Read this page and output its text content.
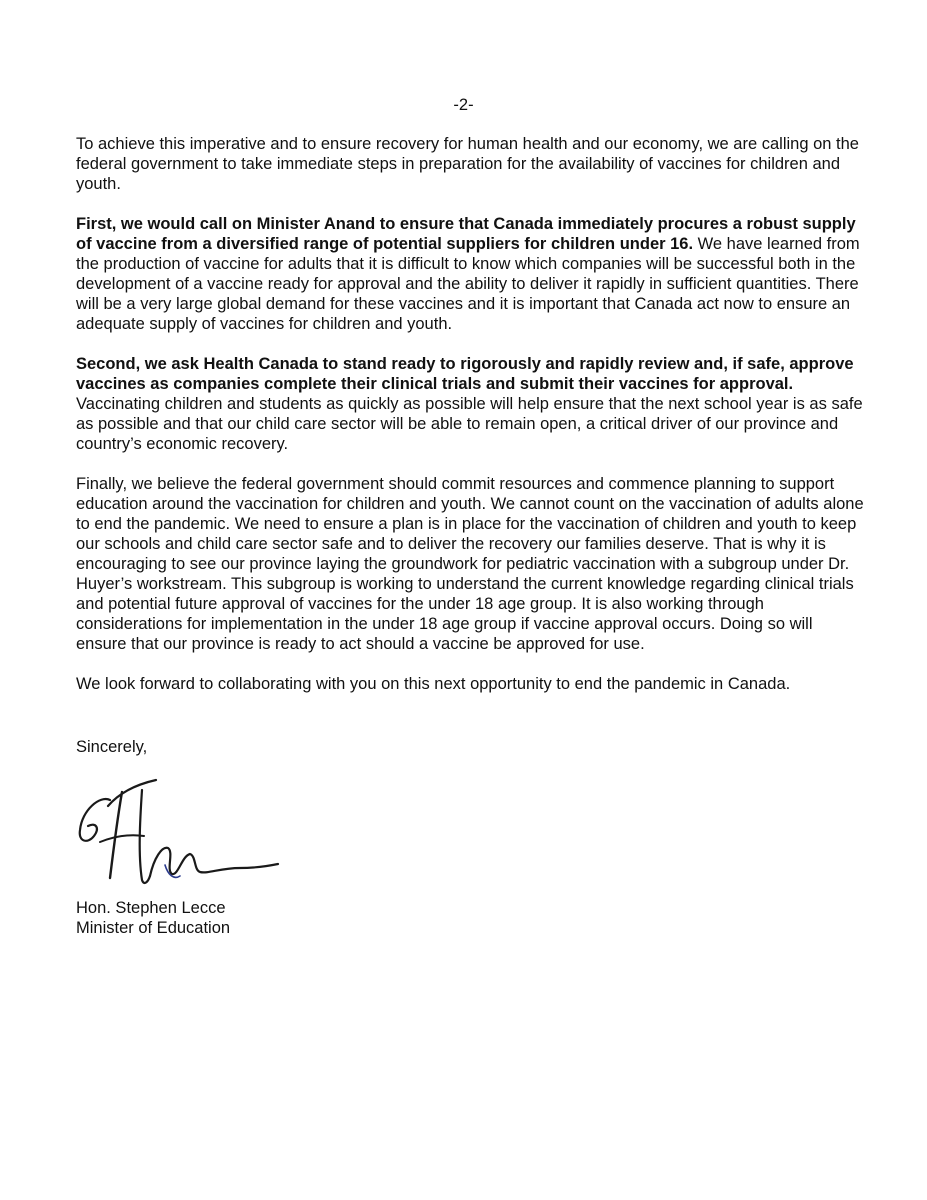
-2-

To achieve this imperative and to ensure recovery for human health and our economy, we are calling on the federal government to take immediate steps in preparation for the availability of vaccines for children and youth.

First, we would call on Minister Anand to ensure that Canada immediately procures a robust supply of vaccine from a diversified range of potential suppliers for children under 16. We have learned from the production of vaccine for adults that it is difficult to know which companies will be successful both in the development of a vaccine ready for approval and the ability to deliver it rapidly in sufficient quantities. There will be a very large global demand for these vaccines and it is important that Canada act now to ensure an adequate supply of vaccines for children and youth.

Second, we ask Health Canada to stand ready to rigorously and rapidly review and, if safe, approve vaccines as companies complete their clinical trials and submit their vaccines for approval. Vaccinating children and students as quickly as possible will help ensure that the next school year is as safe as possible and that our child care sector will be able to remain open, a critical driver of our province and country’s economic recovery.

Finally, we believe the federal government should commit resources and commence planning to support education around the vaccination for children and youth. We cannot count on the vaccination of adults alone to end the pandemic. We need to ensure a plan is in place for the vaccination of children and youth to keep our schools and child care sector safe and to deliver the recovery our families deserve. That is why it is encouraging to see our province laying the groundwork for pediatric vaccination with a subgroup under Dr. Huyer’s workstream. This subgroup is working to understand the current knowledge regarding clinical trials and potential future approval of vaccines for the under 18 age group. It is also working through considerations for implementation in the under 18 age group if vaccine approval occurs. Doing so will ensure that our province is ready to act should a vaccine be approved for use.

We look forward to collaborating with you on this next opportunity to end the pandemic in Canada.

Sincerely,
Hon. Stephen Lecce
Minister of Education
